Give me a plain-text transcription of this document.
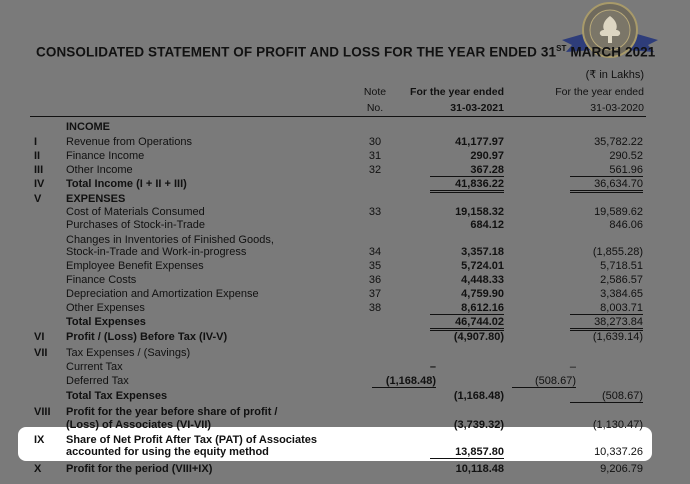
CONSOLIDATED STATEMENT OF PROFIT AND LOSS FOR THE YEAR ENDED 31ST MARCH 2021
(₹ in Lakhs)
Note
No.
For the year ended
31-03-2021
For the year ended
31-03-2020
INCOME
I	Revenue from Operations	30	41,177.97	35,782.22
II Finance Income	31	290.97	290.52
III Other Income	32	367.28	561.96
IV Total Income (I + II + III)	41,836.22	36,634.70
V EXPENSES
Cost of Materials Consumed	33	19,158.32	19,589.62
Purchases of Stock-in-Trade	684.12	846.06
Changes in Inventories of Finished Goods,
Stock-in-Trade and Work-in-progress	34	3,357.18	(1,855.28)
Employee Benefit Expenses	35	5,724.01	5,718.51
Finance Costs	36	4,448.33	2,586.57
Depreciation and Amortization Expense	37	4,759.90	3,384.65
Other Expenses	38	8,612.16	8,003.71
Total Expenses	46,744.02	38,273.84
VI Profit / (Loss) Before Tax (IV-V)	(4,907.80)	(1,639.14)
VII Tax Expenses / (Savings)
Current Tax	–	–
Deferred Tax	(1,168.48)	(508.67)
Total Tax Expenses	(1,168.48)	(508.67)
VIII Profit for the year before share of profit /
(Loss) of Associates (VI-VII)	(3,739.32)	(1,130.47)
IX Share of Net Profit After Tax (PAT) of Associates
accounted for using the equity method	13,857.80	10,337.26
X Profit for the period (VIII+IX)	10,118.48	9,206.79
